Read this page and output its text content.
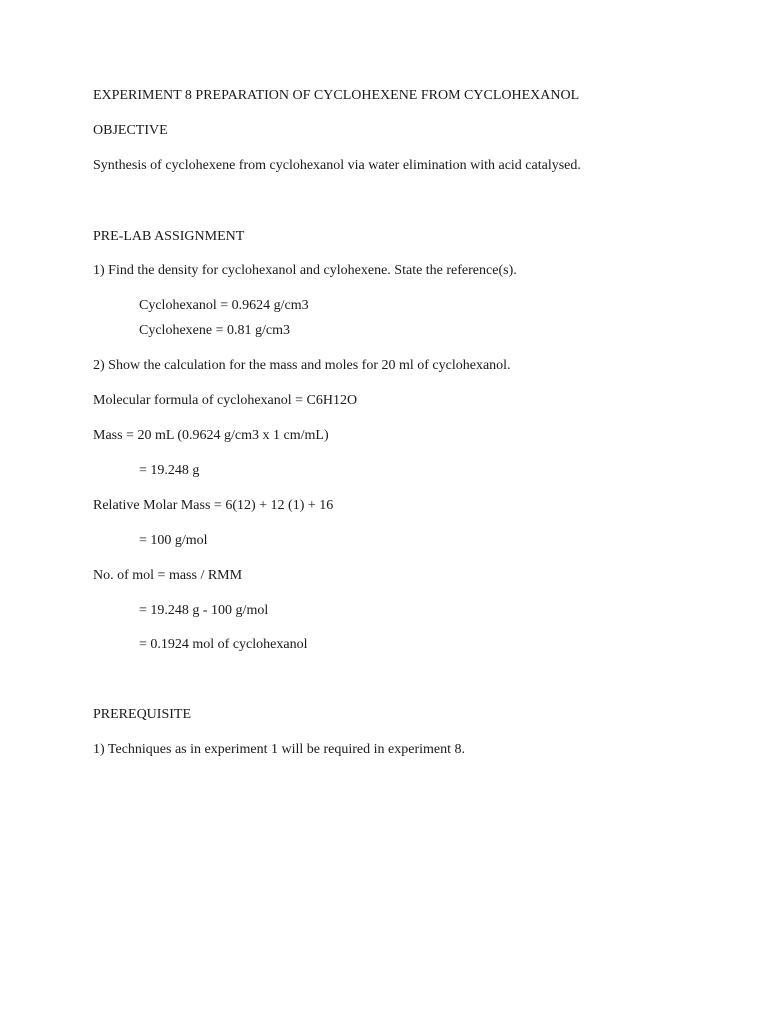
EXPERIMENT 8 PREPARATION OF CYCLOHEXENE FROM CYCLOHEXANOL
OBJECTIVE
Synthesis of cyclohexene from cyclohexanol via water elimination with acid catalysed.
PRE-LAB ASSIGNMENT
1) Find the density for cyclohexanol and cylohexene. State the reference(s).
Cyclohexanol = 0.9624 g/cm3
Cyclohexene = 0.81 g/cm3
2) Show the calculation for the mass and moles for 20 ml of cyclohexanol.
Molecular formula of cyclohexanol = C6H12O
Mass = 20 mL (0.9624 g/cm3 x 1 cm/mL)
= 19.248 g
Relative Molar Mass = 6(12) + 12 (1) + 16
= 100 g/mol
No. of mol = mass / RMM
= 19.248 g - 100 g/mol
= 0.1924 mol of cyclohexanol
PREREQUISITE
1) Techniques as in experiment 1 will be required in experiment 8.
